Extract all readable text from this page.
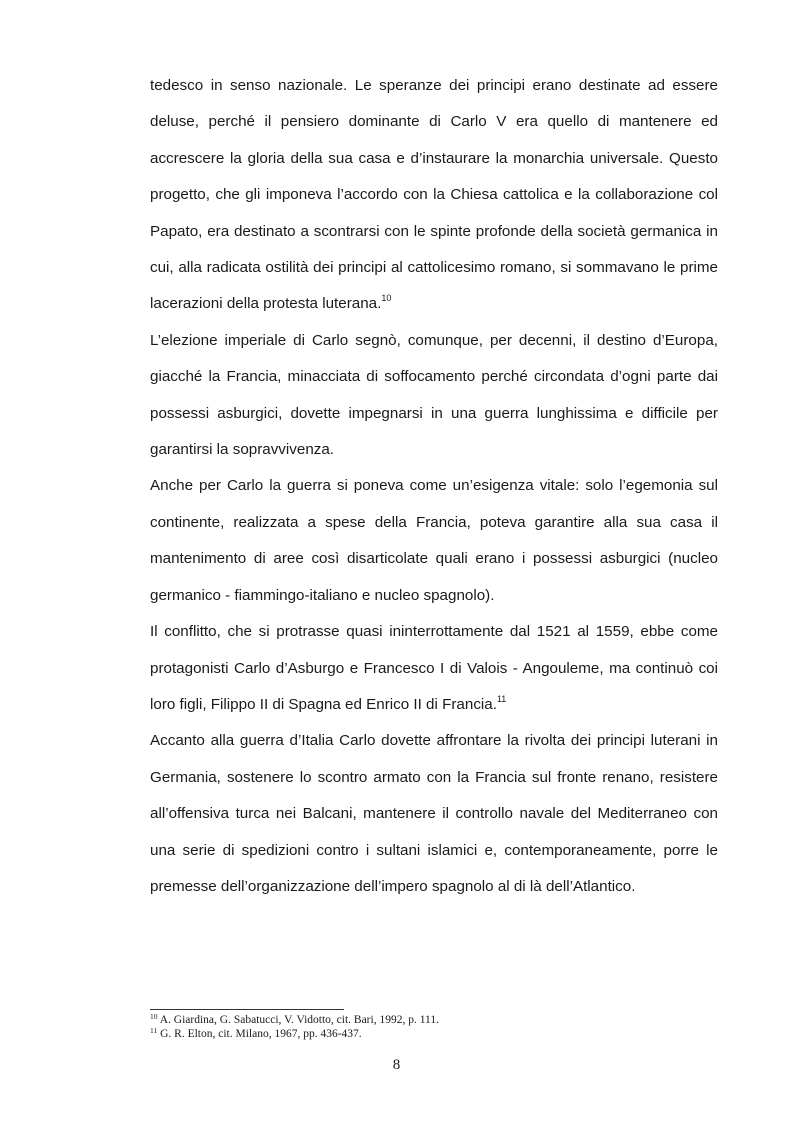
tedesco in senso nazionale. Le speranze dei principi erano destinate ad essere deluse, perché il pensiero dominante di Carlo V era quello di mantenere ed accrescere la gloria della sua casa e d’instaurare la monarchia universale. Questo progetto, che gli imponeva l’accordo con la Chiesa cattolica e la collaborazione col Papato, era destinato a scontrarsi con le spinte profonde della società germanica in cui, alla radicata ostilità dei principi al cattolicesimo romano, si sommavano le prime lacerazioni della protesta luterana.$^{10}$

L’elezione imperiale di Carlo segnò, comunque, per decenni, il destino d’Europa, giacché la Francia, minacciata di soffocamento perché circondata d’ogni parte dai possessi asburgici, dovette impegnarsi in una guerra lunghissima e difficile per garantirsi la sopravvivenza.

Anche per Carlo la guerra si poneva come un’esigenza vitale: solo l’egemonia sul continente, realizzata a spese della Francia, poteva garantire alla sua casa il mantenimento di aree così disarticolate quali erano i possessi asburgici (nucleo germanico - fiammingo-italiano e nucleo spagnolo).

Il conflitto, che si protrasse quasi ininterrottamente dal 1521 al 1559, ebbe come protagonisti Carlo d’Asburgo e Francesco I di Valois - Angouleme, ma continuò coi loro figli, Filippo II di Spagna ed Enrico II di Francia.$^{11}$

Accanto alla guerra d’Italia Carlo dovette affrontare la rivolta dei principi luterani in Germania, sostenere lo scontro armato con la Francia sul fronte renano, resistere all’offensiva turca nei Balcani, mantenere il controllo navale del Mediterraneo con una serie di spedizioni contro i sultani islamici e, contemporaneamente, porre le premesse dell’organizzazione dell’impero spagnolo al di là dell’Atlantico.

$^{10}$ A. Giardina, G. Sabatucci, V. Vidotto, cit. Bari, 1992, p. 111.
$^{11}$ G. R. Elton, cit. Milano, 1967, pp. 436-437.
8
